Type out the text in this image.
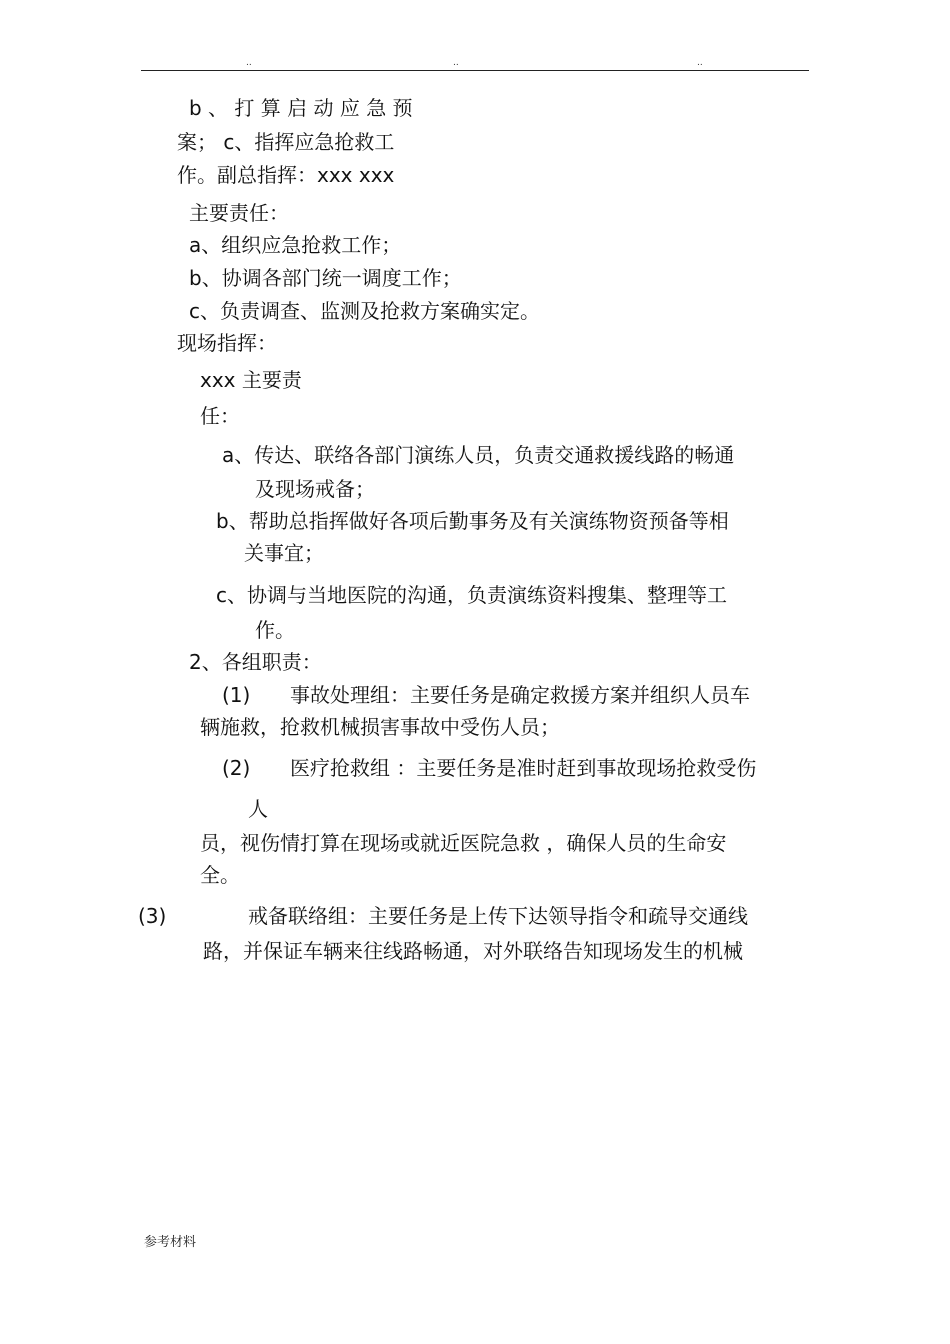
..	..	..
b 、 打 算 启 动 应 急 预
案； c、指挥应急抢救工
作。副总指挥：xxx xxx
主要责任：
a、组织应急抢救工作；
b、协调各部门统一调度工作；
c、负责调查、监测及抢救方案确实定。
现场指挥：
xxx 主要责
任：
a、传达、联络各部门演练人员，负责交通救援线路的畅通
及现场戒备；
b、帮助总指挥做好各项后勤事务及有关演练物资预备等相
关事宜；
c、协调与当地医院的沟通，负责演练资料搜集、整理等工
作。
2、各组职责：
(1) 事故处理组：主要任务是确定救援方案并组织人员车
辆施救，抢救机械损害事故中受伤人员；
(2) 医疗抢救组 ：主要任务是准时赶到事故现场抢救受伤
人
员，视伤情打算在现场或就近医院急救 ，确保人员的生命安
全。
(3)	戒备联络组：主要任务是上传下达领导指令和疏导交通线
路，并保证车辆来往线路畅通，对外联络告知现场发生的机械
参考材料
